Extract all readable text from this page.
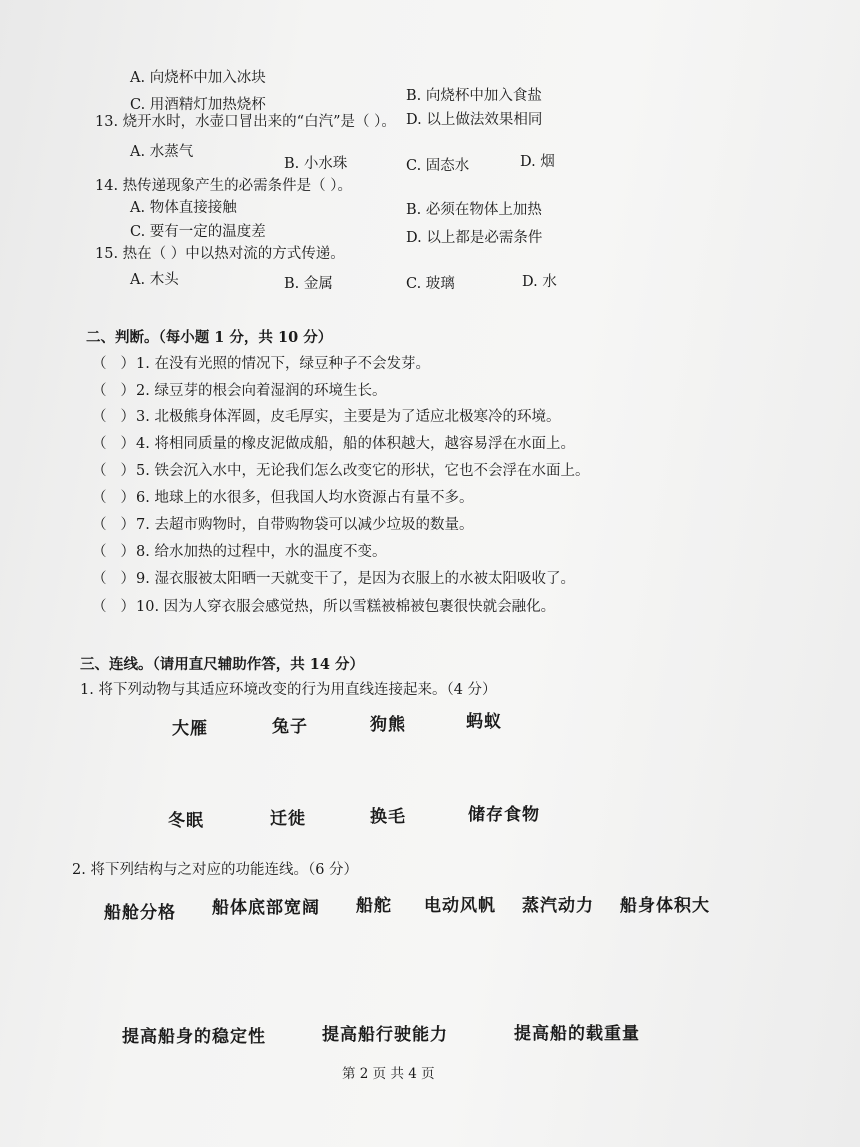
A. 向烧杯中加入冰块
B. 向烧杯中加入食盐
C. 用酒精灯加热烧杯
D. 以上做法效果相同
13. 烧开水时，水壶口冒出来的“白汽”是（ ）。
A. 水蒸气
B. 小水珠	C. 固态水	D. 烟
14. 热传递现象产生的必需条件是（ ）。
A. 物体直接接触	B. 必须在物体上加热
C. 要有一定的温度差	D. 以上都是必需条件
15. 热在（ ）中以热对流的方式传递。
A. 木头	B. 金属	C. 玻璃	D. 水
二、判断。（每小题 1 分，共 10 分）
（ ）1. 在没有光照的情况下，绿豆种子不会发芽。
（ ）2. 绿豆芽的根会向着湿润的环境生长。
（ ）3. 北极熊身体浑圆，皮毛厚实，主要是为了适应北极寒冷的环境。
（ ）4. 将相同质量的橡皮泥做成船，船的体积越大，越容易浮在水面上。
（ ）5. 铁会沉入水中，无论我们怎么改变它的形状，它也不会浮在水面上。
（ ）6. 地球上的水很多，但我国人均水资源占有量不多。
（ ）7. 去超市购物时，自带购物袋可以减少垃圾的数量。
（ ）8. 给水加热的过程中，水的温度不变。
（ ）9. 湿衣服被太阳晒一天就变干了，是因为衣服上的水被太阳吸收了。
（ ）10. 因为人穿衣服会感觉热，所以雪糕被棉被包裹很快就会融化。
三、连线。（请用直尺辅助作答，共 14 分）
1. 将下列动物与其适应环境改变的行为用直线连接起来。（4 分）
大雁	兔子	狗熊	蚂蚁
冬眠	迁徙	换毛	储存食物
2. 将下列结构与之对应的功能连线。（6 分）
船舱分格 船体底部宽阔 船舵 电动风帆 蒸汽动力 船身体积大
提高船身的稳定性	提高船行驶能力	提高船的载重量
第 2 页 共 4 页
